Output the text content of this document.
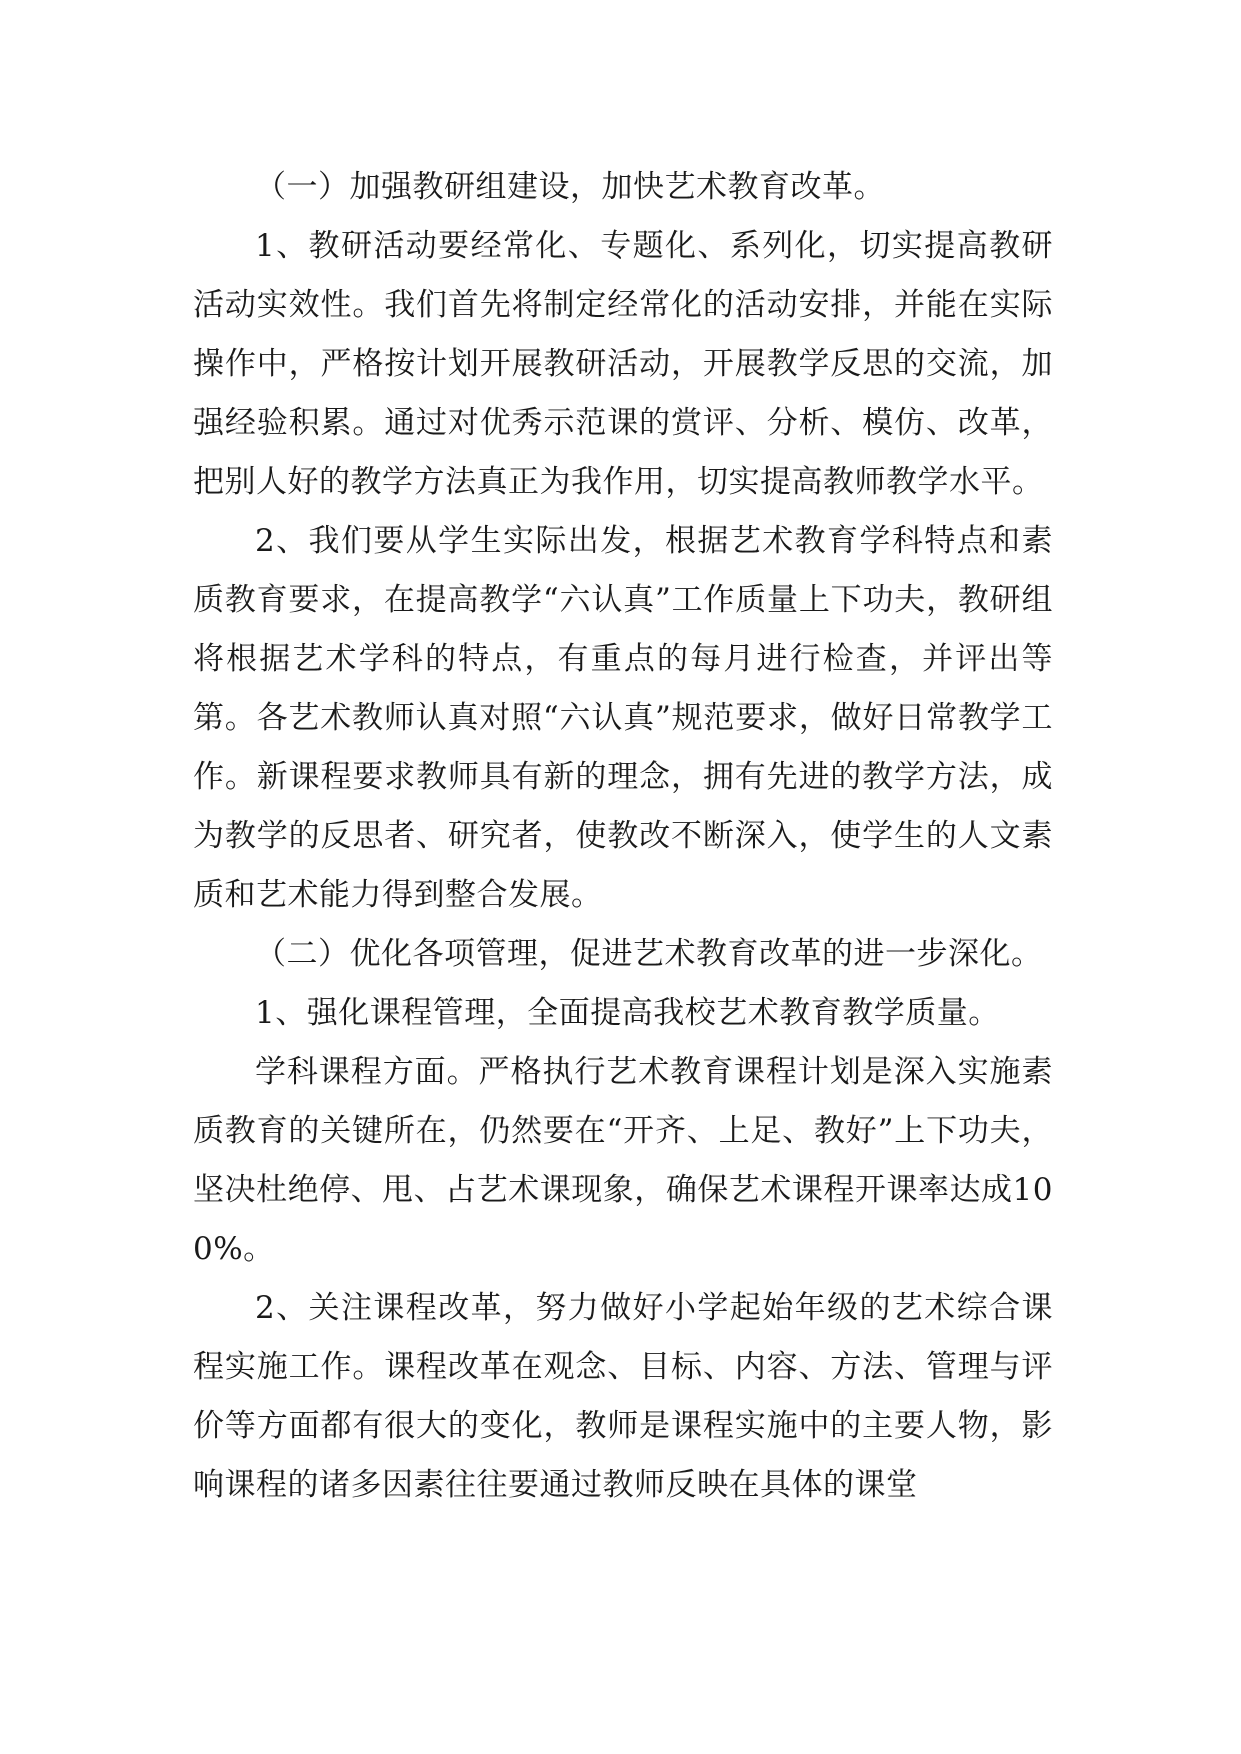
（一）加强教研组建设，加快艺术教育改革。

1、教研活动要经常化、专题化、系列化，切实提高教研活动实效性。我们首先将制定经常化的活动安排，并能在实际操作中，严格按计划开展教研活动，开展教学反思的交流，加强经验积累。通过对优秀示范课的赏评、分析、模仿、改革，把别人好的教学方法真正为我作用，切实提高教师教学水平。

2、我们要从学生实际出发，根据艺术教育学科特点和素质教育要求，在提高教学“六认真”工作质量上下功夫，教研组将根据艺术学科的特点，有重点的每月进行检查，并评出等第。各艺术教师认真对照“六认真”规范要求，做好日常教学工作。新课程要求教师具有新的理念，拥有先进的教学方法，成为教学的反思者、研究者，使教改不断深入，使学生的人文素质和艺术能力得到整合发展。

（二）优化各项管理，促进艺术教育改革的进一步深化。

1、强化课程管理，全面提高我校艺术教育教学质量。

学科课程方面。严格执行艺术教育课程计划是深入实施素质教育的关键所在，仍然要在“开齐、上足、教好”上下功夫，坚决杜绝停、甩、占艺术课现象，确保艺术课程开课率达成100%。

2、关注课程改革，努力做好小学起始年级的艺术综合课程实施工作。课程改革在观念、目标、内容、方法、管理与评价等方面都有很大的变化，教师是课程实施中的主要人物，影响课程的诸多因素往往要通过教师反映在具体的课堂
